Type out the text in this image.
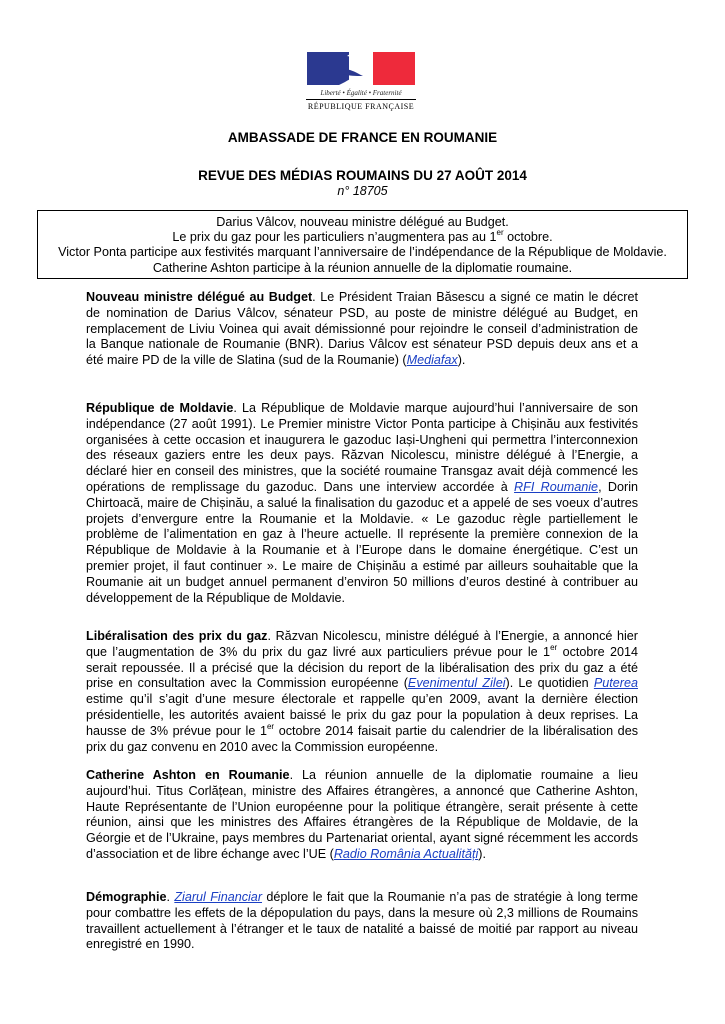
Liberté • Égalité • Fraternité
RÉPUBLIQUE FRANÇAISE
AMBASSADE DE FRANCE EN ROUMANIE
REVUE DES MÉDIAS ROUMAINS DU 27 AOÛT 2014
n° 18705
Darius Vâlcov, nouveau ministre délégué au Budget.
Le prix du gaz pour les particuliers n’augmentera pas au 1er octobre.
Victor Ponta participe aux festivités marquant l’anniversaire de l’indépendance de la République de Moldavie.
Catherine Ashton participe à la réunion annuelle de la diplomatie roumaine.
Nouveau ministre délégué au Budget. Le Président Traian Băsescu a signé ce matin le décret de nomination de Darius Vâlcov, sénateur PSD, au poste de ministre délégué au Budget, en remplacement de Liviu Voinea qui avait démissionné pour rejoindre le conseil d’administration de la Banque nationale de Roumanie (BNR). Darius Vâlcov est sénateur PSD depuis deux ans et a été maire PD de la ville de Slatina (sud de la Roumanie) (Mediafax).
République de Moldavie. La République de Moldavie marque aujourd’hui l’anniversaire de son indépendance (27 août 1991). Le Premier ministre Victor Ponta participe à Chișinău aux festivités organisées à cette occasion et inaugurera le gazoduc Iași-Ungheni qui permettra l’interconnexion des réseaux gaziers entre les deux pays. Răzvan Nicolescu, ministre délégué à l’Energie, a déclaré hier en conseil des ministres, que la société roumaine Transgaz avait déjà commencé les opérations de remplissage du gazoduc. Dans une interview accordée à RFI Roumanie, Dorin Chirtoacă, maire de Chișinău, a salué la finalisation du gazoduc et a appelé de ses voeux d’autres projets d’envergure entre la Roumanie et la Moldavie. « Le gazoduc règle partiellement le problème de l’alimentation en gaz à l’heure actuelle. Il représente la première connexion de la République de Moldavie à la Roumanie et à l’Europe dans le domaine énergétique. C’est un premier projet, il faut continuer ». Le maire de Chișinău a estimé par ailleurs souhaitable que la Roumanie ait un budget annuel permanent d’environ 50 millions d’euros destiné à contribuer au développement de la République de Moldavie.
Libéralisation des prix du gaz. Răzvan Nicolescu, ministre délégué à l’Energie, a annoncé hier que l’augmentation de 3% du prix du gaz livré aux particuliers prévue pour le 1er octobre 2014 serait repoussée. Il a précisé que la décision du report de la libéralisation des prix du gaz a été prise en consultation avec la Commission européenne (Evenimentul Zilei). Le quotidien Puterea estime qu’il s’agit d’une mesure électorale et rappelle qu’en 2009, avant la dernière élection présidentielle, les autorités avaient baissé le prix du gaz pour la population à deux reprises. La hausse de 3% prévue pour le 1er octobre 2014 faisait partie du calendrier de la libéralisation des prix du gaz convenu en 2010 avec la Commission européenne.
Catherine Ashton en Roumanie. La réunion annuelle de la diplomatie roumaine a lieu aujourd’hui. Titus Corlățean, ministre des Affaires étrangères, a annoncé que Catherine Ashton, Haute Représentante de l’Union européenne pour la politique étrangère, serait présente à cette réunion, ainsi que les ministres des Affaires étrangères de la République de Moldavie, de la Géorgie et de l’Ukraine, pays membres du Partenariat oriental, ayant signé récemment les accords d’association et de libre échange avec l’UE (Radio România Actualități).
Démographie. Ziarul Financiar déplore le fait que la Roumanie n’a pas de stratégie à long terme pour combattre les effets de la dépopulation du pays, dans la mesure où 2,3 millions de Roumains travaillent actuellement à l’étranger et le taux de natalité a baissé de moitié par rapport au niveau enregistré en 1990.
